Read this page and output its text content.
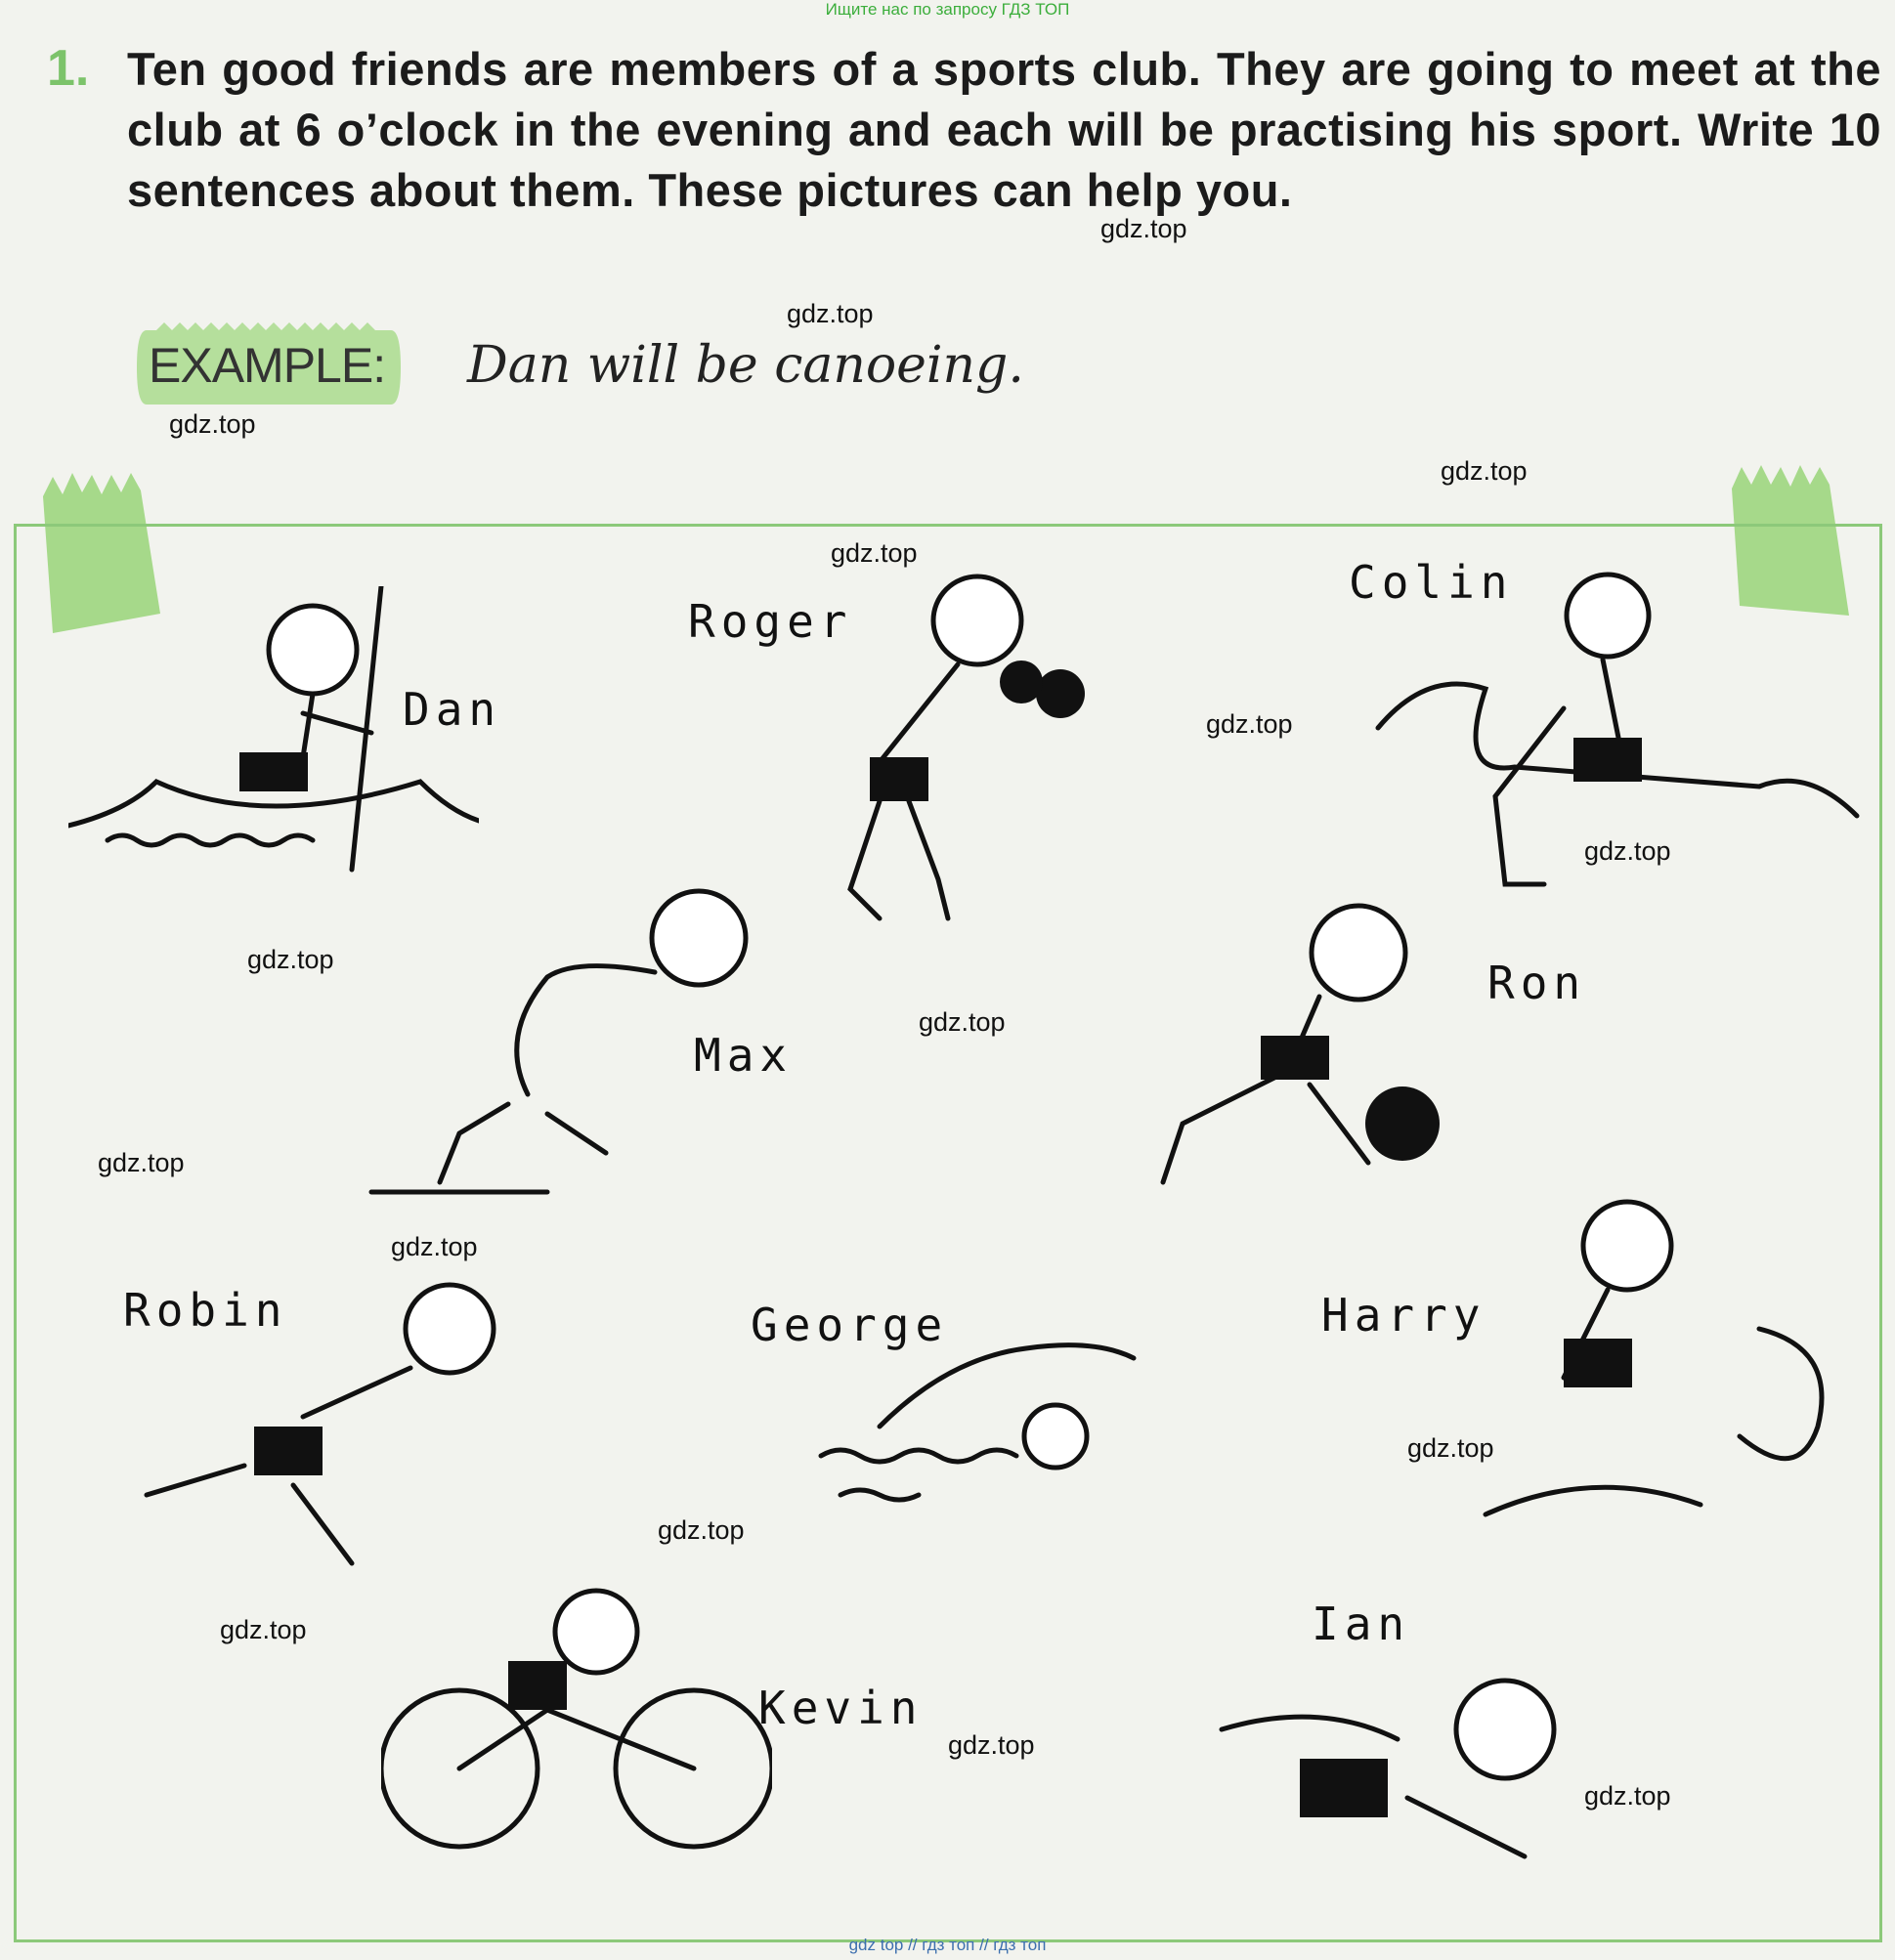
Ищите нас по запросу ГДЗ ТОП
1. Ten good friends are members of a sports club. They are going to meet at the club at 6 o’clock in the evening and each will be practising his sport. Write 10 sentences about them. These pictures can help you.
EXAMPLE: Dan will be canoeing.
Dan
Roger
Colin
Max
Ron
Robin	George	Harry
Kevin
Ian
gdz.top
gdz.top
gdz.top
gdz.top
gdz.top
gdz.top
gdz.top
gdz.top
gdz.top
gdz.top
gdz.top
gdz.top
gdz.top
gdz.top
gdz.top
gdz.top
gdz top // гдз топ // гдз топ
